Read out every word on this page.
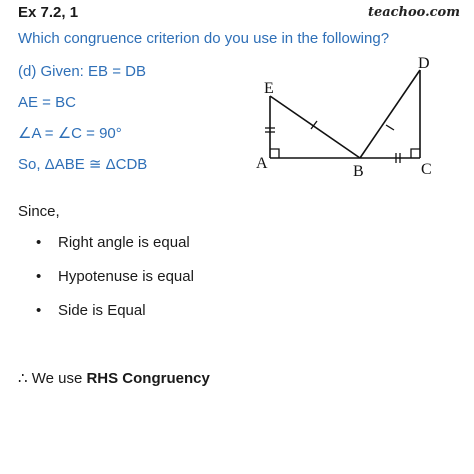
Ex 7.2, 1	teachoo.com
Which congruence criterion do you use in the following?
(d) Given: EB = DB
AE = BC
∠A = ∠C = 90°
So, ΔABE ≅ ΔCDB
E
D
A	B	C
Since,
•	Right angle is equal
•	Hypotenuse is equal
•	Side is Equal
∴ We use RHS Congruency
